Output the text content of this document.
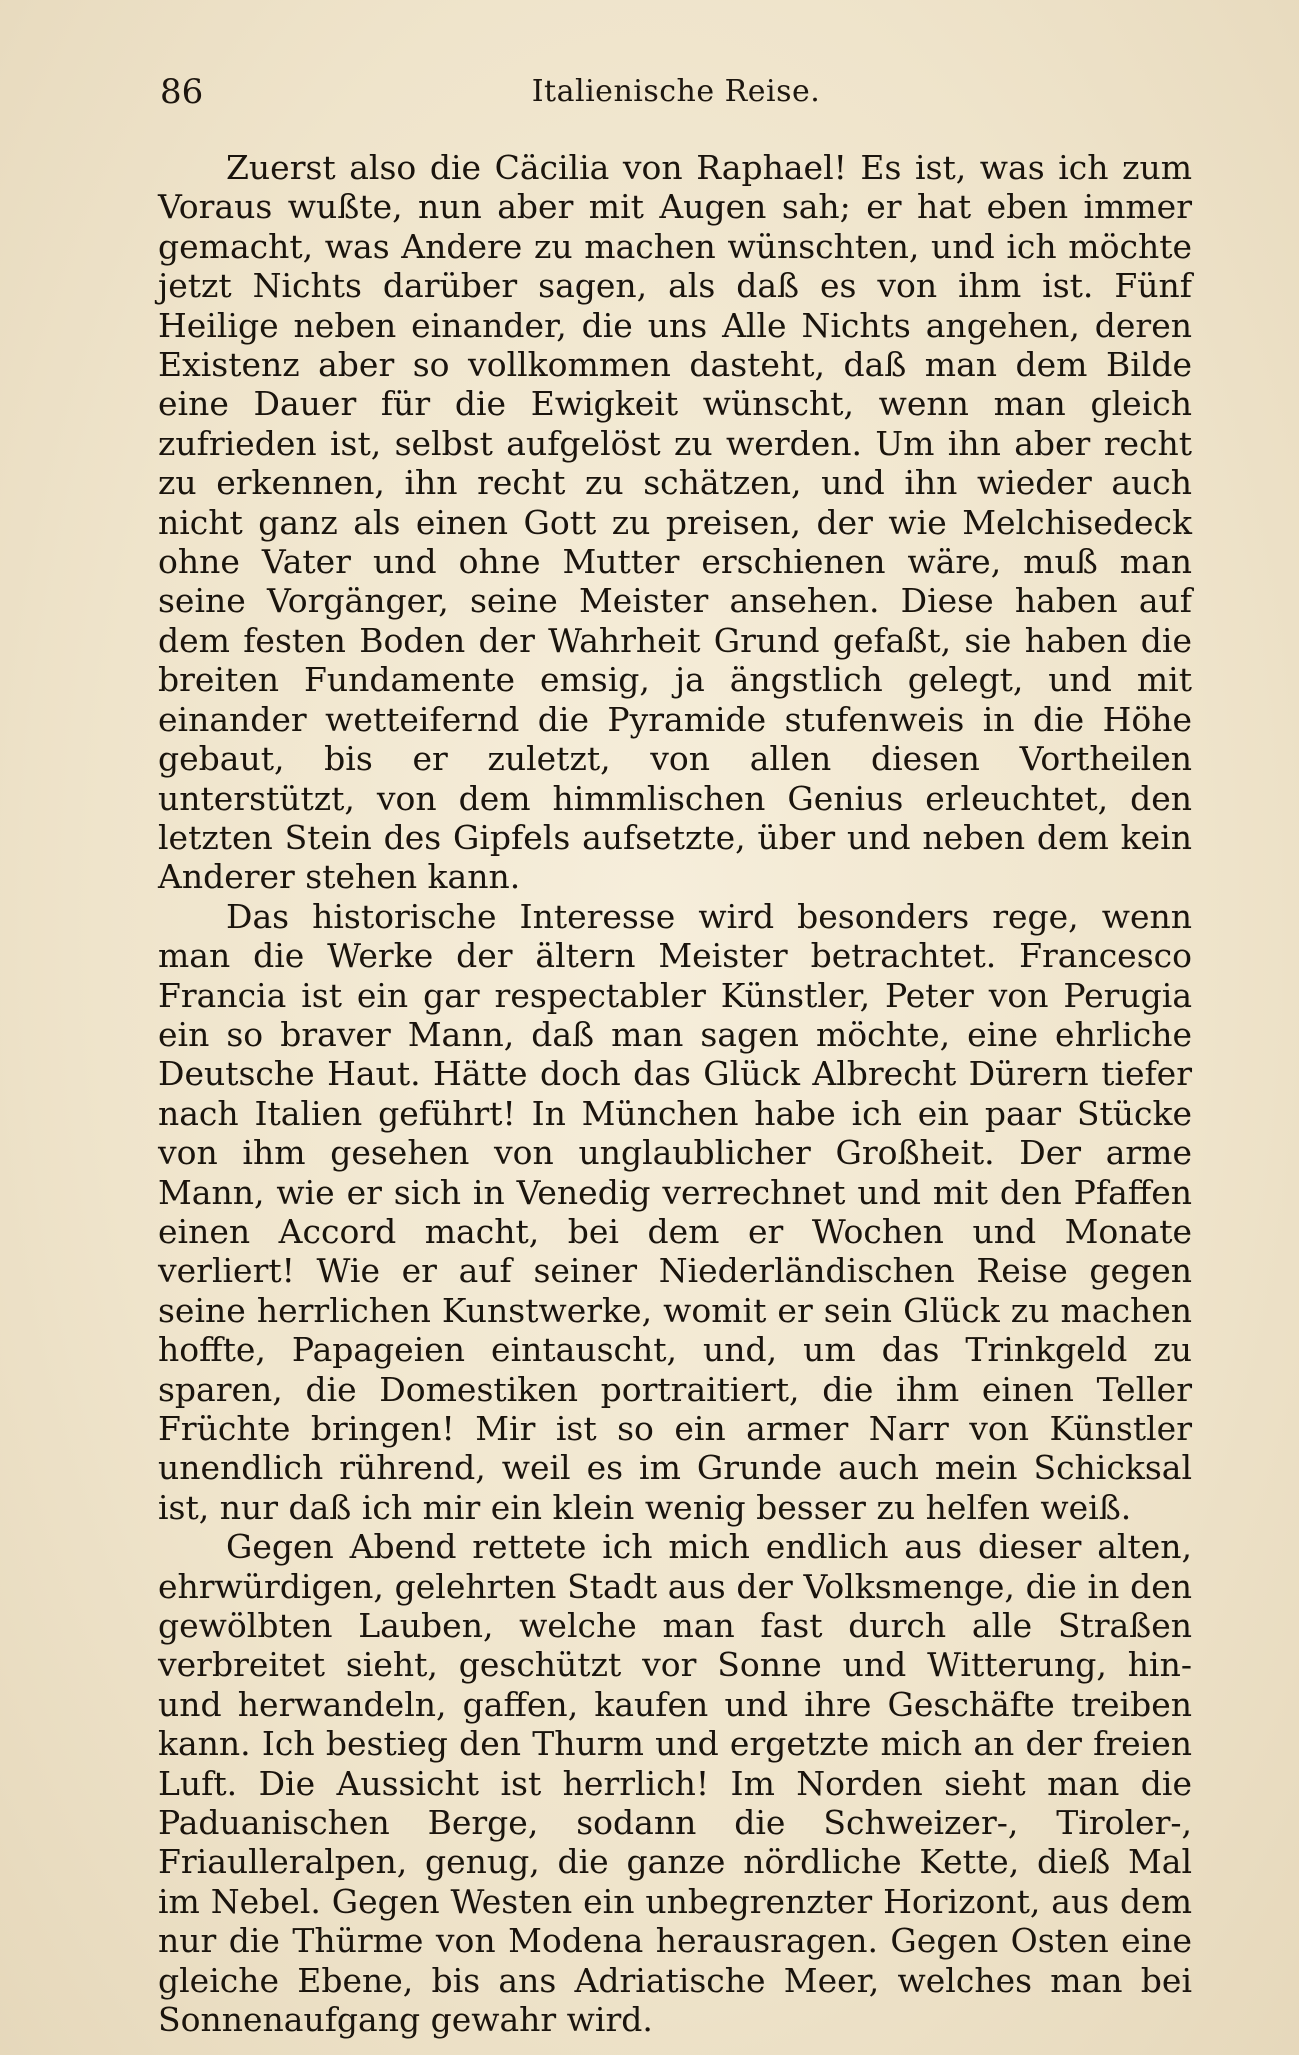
86	Italienische Reise.

Zuerst also die Cäcilia von Raphael! Es ist, was ich zum Voraus wußte, nun aber mit Augen sah; er hat eben immer gemacht, was Andere zu machen wünschten, und ich möchte jetzt Nichts darüber sagen, als daß es von ihm ist. Fünf Heilige neben einander, die uns Alle Nichts angehen, deren Existenz aber so vollkommen dasteht, daß man dem Bilde eine Dauer für die Ewigkeit wünscht, wenn man gleich zufrieden ist, selbst aufgelöst zu werden. Um ihn aber recht zu erkennen, ihn recht zu schätzen, und ihn wieder auch nicht ganz als einen Gott zu preisen, der wie Melchisedeck ohne Vater und ohne Mutter erschienen wäre, muß man seine Vorgänger, seine Meister ansehen. Diese haben auf dem festen Boden der Wahrheit Grund gefaßt, sie haben die breiten Fundamente emsig, ja ängstlich gelegt, und mit einander wetteifernd die Pyramide stufenweis in die Höhe gebaut, bis er zuletzt, von allen diesen Vortheilen unterstützt, von dem himmlischen Genius erleuchtet, den letzten Stein des Gipfels aufsetzte, über und neben dem kein Anderer stehen kann.

Das historische Interesse wird besonders rege, wenn man die Werke der ältern Meister betrachtet. Francesco Francia ist ein gar respectabler Künstler, Peter von Perugia ein so braver Mann, daß man sagen möchte, eine ehrliche Deutsche Haut. Hätte doch das Glück Albrecht Dürern tiefer nach Italien geführt! In München habe ich ein paar Stücke von ihm gesehen von unglaublicher Großheit. Der arme Mann, wie er sich in Venedig verrechnet und mit den Pfaffen einen Accord macht, bei dem er Wochen und Monate verliert! Wie er auf seiner Niederländischen Reise gegen seine herrlichen Kunstwerke, womit er sein Glück zu machen hoffte, Papageien eintauscht, und, um das Trinkgeld zu sparen, die Domestiken portraitiert, die ihm einen Teller Früchte bringen! Mir ist so ein armer Narr von Künstler unendlich rührend, weil es im Grunde auch mein Schicksal ist, nur daß ich mir ein klein wenig besser zu helfen weiß.

Gegen Abend rettete ich mich endlich aus dieser alten, ehrwürdigen, gelehrten Stadt aus der Volksmenge, die in den gewölbten Lauben, welche man fast durch alle Straßen verbreitet sieht, geschützt vor Sonne und Witterung, hin- und herwandeln, gaffen, kaufen und ihre Geschäfte treiben kann. Ich bestieg den Thurm und ergetzte mich an der freien Luft. Die Aussicht ist herrlich! Im Norden sieht man die Paduanischen Berge, sodann die Schweizer-, Tiroler-, Friaulleralpen, genug, die ganze nördliche Kette, dieß Mal im Nebel. Gegen Westen ein unbegrenzter Horizont, aus dem nur die Thürme von Modena herausragen. Gegen Osten eine gleiche Ebene, bis ans Adriatische Meer, welches man bei Sonnenaufgang gewahr wird.
